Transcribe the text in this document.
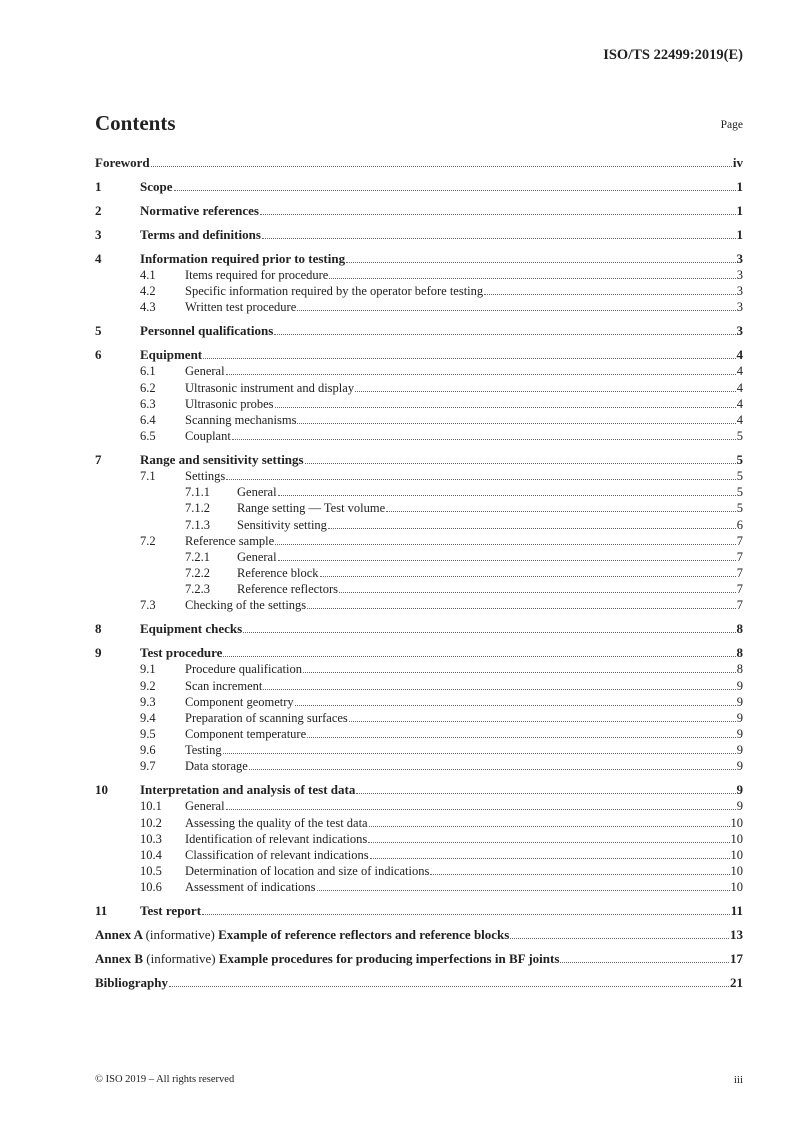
ISO/TS 22499:2019(E)
Contents	Page
Foreword	iv
1	Scope	1
2	Normative references	1
3	Terms and definitions	1
4	Information required prior to testing	3
4.1	Items required for procedure	3
4.2	Specific information required by the operator before testing	3
4.3	Written test procedure	3
5	Personnel qualifications	3
6	Equipment	4
6.1	General	4
6.2	Ultrasonic instrument and display	4
6.3	Ultrasonic probes	4
6.4	Scanning mechanisms	4
6.5	Couplant	5
7	Range and sensitivity settings	5
7.1	Settings	5
7.1.1	General	5
7.1.2	Range setting — Test volume	5
7.1.3	Sensitivity setting	6
7.2	Reference sample	7
7.2.1	General	7
7.2.2	Reference block	7
7.2.3	Reference reflectors	7
7.3	Checking of the settings	7
8	Equipment checks	8
9	Test procedure	8
9.1	Procedure qualification	8
9.2	Scan increment	9
9.3	Component geometry	9
9.4	Preparation of scanning surfaces	9
9.5	Component temperature	9
9.6	Testing	9
9.7	Data storage	9
10	Interpretation and analysis of test data	9
10.1	General	9
10.2	Assessing the quality of the test data	10
10.3	Identification of relevant indications	10
10.4	Classification of relevant indications	10
10.5	Determination of location and size of indications	10
10.6	Assessment of indications	10
11	Test report	11
Annex A (informative) Example of reference reflectors and reference blocks	13
Annex B (informative) Example procedures for producing imperfections in BF joints	17
Bibliography	21
© ISO 2019 – All rights reserved	iii
